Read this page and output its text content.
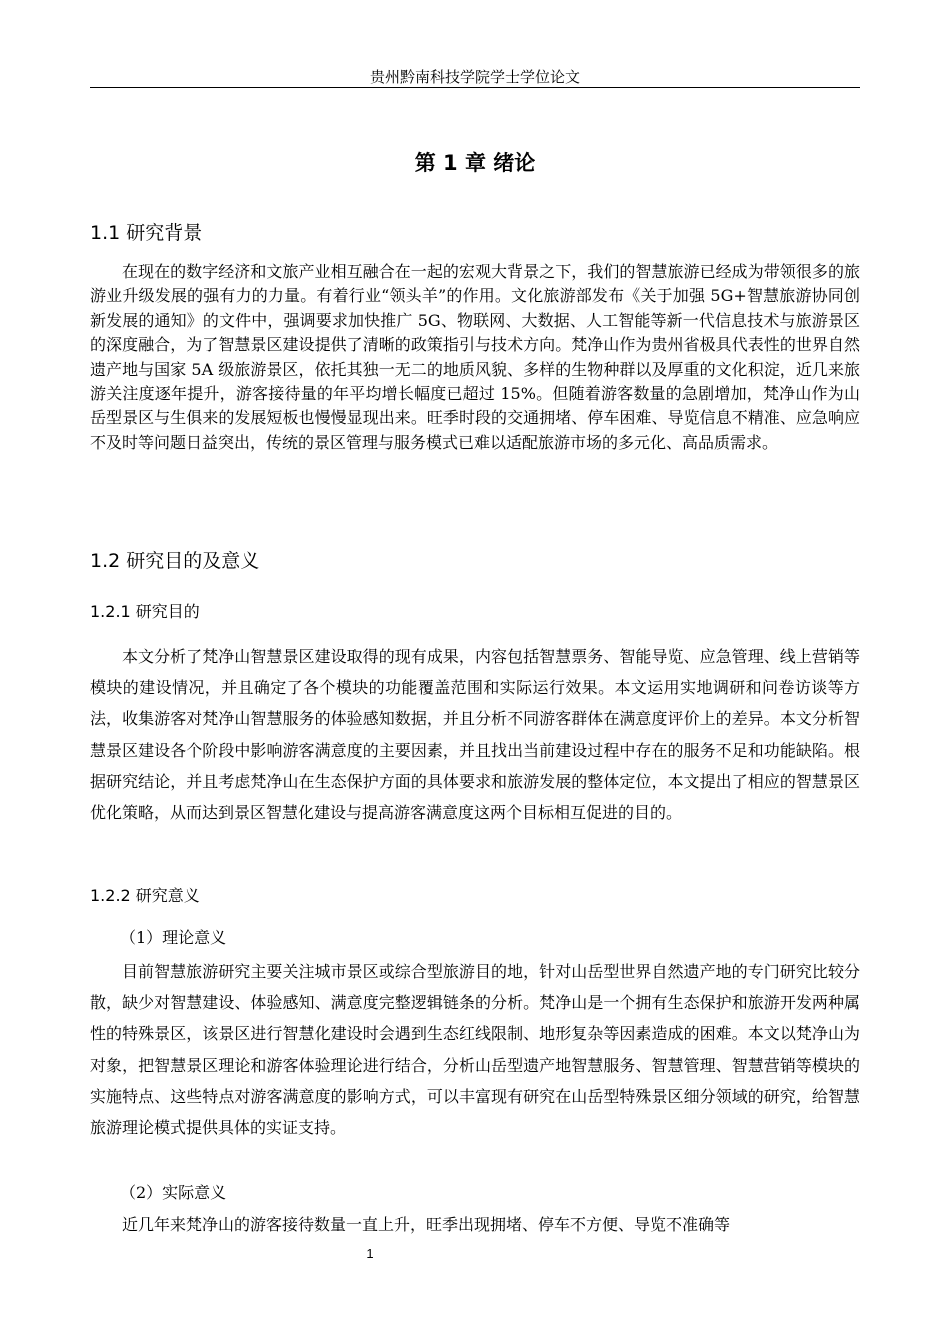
贵州黔南科技学院学士学位论文
第 1 章 绪论
1.1 研究背景

在现在的数字经济和文旅产业相互融合在一起的宏观大背景之下，我们的智慧旅游已经成为带领很多的旅游业升级发展的强有力的力量。有着行业“领头羊”的作用。文化旅游部发布《关于加强 5G+智慧旅游协同创新发展的通知》的文件中，强调要求加快推广 5G、物联网、大数据、人工智能等新一代信息技术与旅游景区的深度融合，为了智慧景区建设提供了清晰的政策指引与技术方向。梵净山作为贵州省极具代表性的世界自然遗产地与国家 5A 级旅游景区，依托其独一无二的地质风貌、多样的生物种群以及厚重的文化积淀，近几来旅游关注度逐年提升，游客接待量的年平均增长幅度已超过 15%。但随着游客数量的急剧增加，梵净山作为山岳型景区与生俱来的发展短板也慢慢显现出来。旺季时段的交通拥堵、停车困难、导览信息不精准、应急响应不及时等问题日益突出，传统的景区管理与服务模式已难以适配旅游市场的多元化、高品质需求。

1.2 研究目的及意义
1.2.1 研究目的

本文分析了梵净山智慧景区建设取得的现有成果，内容包括智慧票务、智能导览、应急管理、线上营销等模块的建设情况，并且确定了各个模块的功能覆盖范围和实际运行效果。本文运用实地调研和问卷访谈等方法，收集游客对梵净山智慧服务的体验感知数据，并且分析不同游客群体在满意度评价上的差异。本文分析智慧景区建设各个阶段中影响游客满意度的主要因素，并且找出当前建设过程中存在的服务不足和功能缺陷。根据研究结论，并且考虑梵净山在生态保护方面的具体要求和旅游发展的整体定位，本文提出了相应的智慧景区优化策略，从而达到景区智慧化建设与提高游客满意度这两个目标相互促进的目的。

1.2.2 研究意义
（1）理论意义

目前智慧旅游研究主要关注城市景区或综合型旅游目的地，针对山岳型世界自然遗产地的专门研究比较分散，缺少对智慧建设、体验感知、满意度完整逻辑链条的分析。梵净山是一个拥有生态保护和旅游开发两种属性的特殊景区，该景区进行智慧化建设时会遇到生态红线限制、地形复杂等因素造成的困难。本文以梵净山为对象，把智慧景区理论和游客体验理论进行结合，分析山岳型遗产地智慧服务、智慧管理、智慧营销等模块的实施特点、这些特点对游客满意度的影响方式，可以丰富现有研究在山岳型特殊景区细分领域的研究，给智慧旅游理论模式提供具体的实证支持。

（2）实际意义

近几年来梵净山的游客接待数量一直上升，旺季出现拥堵、停车不方便、导览不准确等

1
